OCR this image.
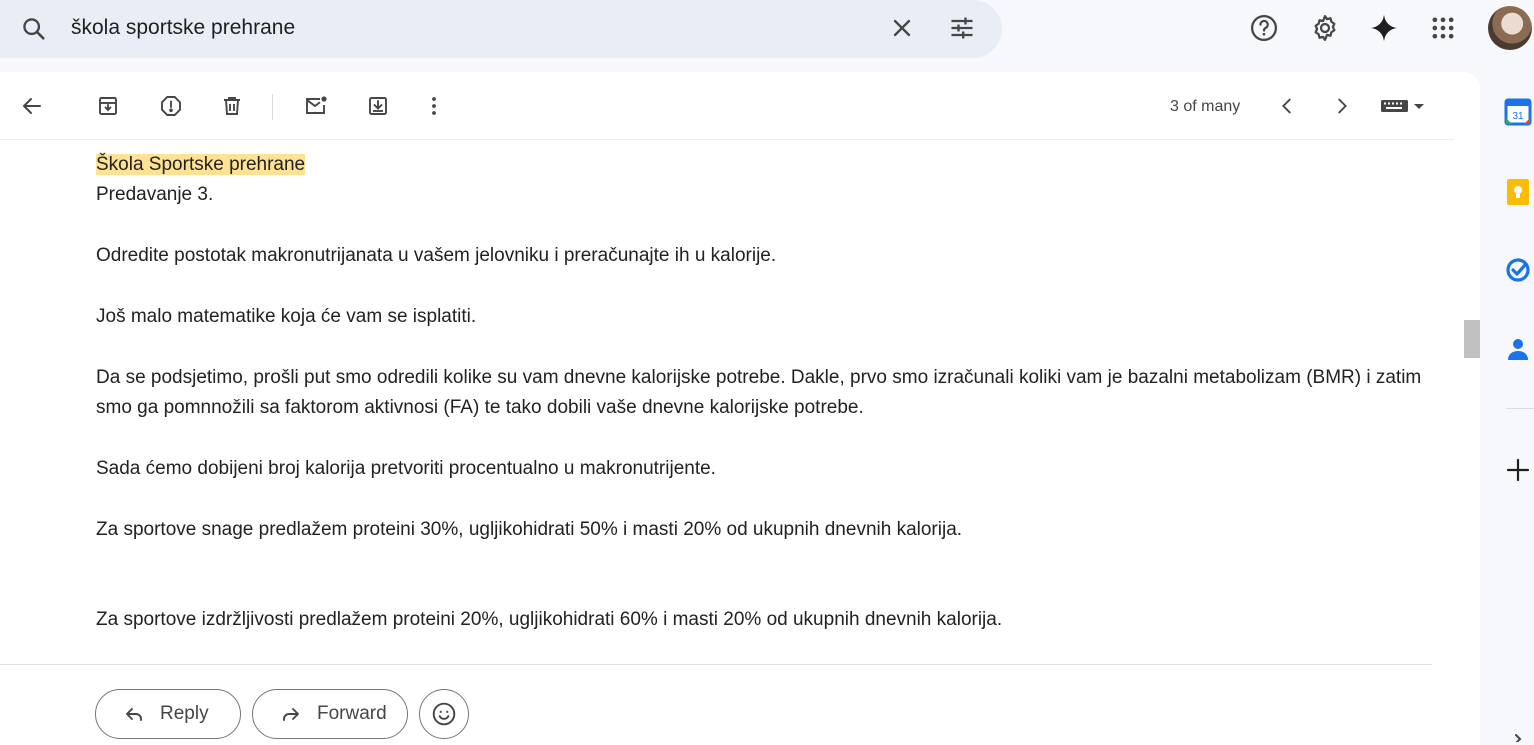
škola sportske prehrane
3 of many

Škola Sportske prehrane

Predavanje 3.

Odredite postotak makronutrijanata u vašem jelovniku i preračunajte ih u kalorije.

Još malo matematike koja će vam se isplatiti.

Da se podsjetimo, prošli put smo odredili kolike su vam dnevne kalorijske potrebe. Dakle, prvo smo izračunali koliki vam je bazalni metabolizam (BMR) i zatim smo ga pomnnožili sa faktorom aktivnosi (FA) te tako dobili vaše dnevne kalorijske potrebe.

Sada ćemo dobijeni broj kalorija pretvoriti procentualno u makronutrijente.

Za sportove snage predlažem proteini 30%, ugljikohidrati 50% i masti 20% od ukupnih dnevnih kalorija.

Za sportove izdržljivosti predlažem proteini 20%, ugljikohidrati 60% i masti 20% od ukupnih dnevnih kalorija.

Reply	Forward
31
